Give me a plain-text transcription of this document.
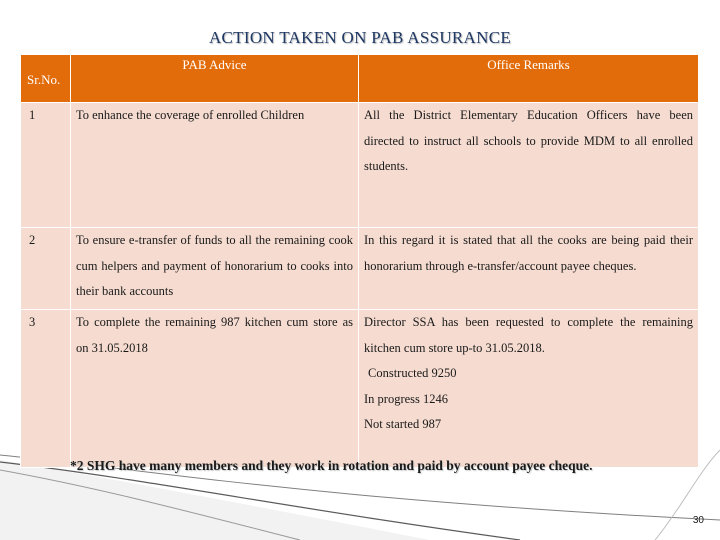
ACTION TAKEN ON PAB ASSURANCE
Sr.No.	PAB Advice	Office Remarks
1	To enhance the coverage of enrolled Children	All the District Elementary Education Officers have been directed to instruct all schools to provide MDM to all enrolled students.
2	To ensure e-transfer of funds to all the remaining cook cum helpers and payment of honorarium to cooks into their bank accounts	In this regard it is stated that all the cooks are being paid their honorarium through e-transfer/account payee cheques.
3	To complete the remaining 987 kitchen cum store as on 31.05.2018	Director SSA has been requested to complete the remaining kitchen cum store up-to 31.05.2018.
Constructed 9250
In progress 1246
Not started 987
*2 SHG have many members and they work in rotation and paid by account payee cheque.
30
